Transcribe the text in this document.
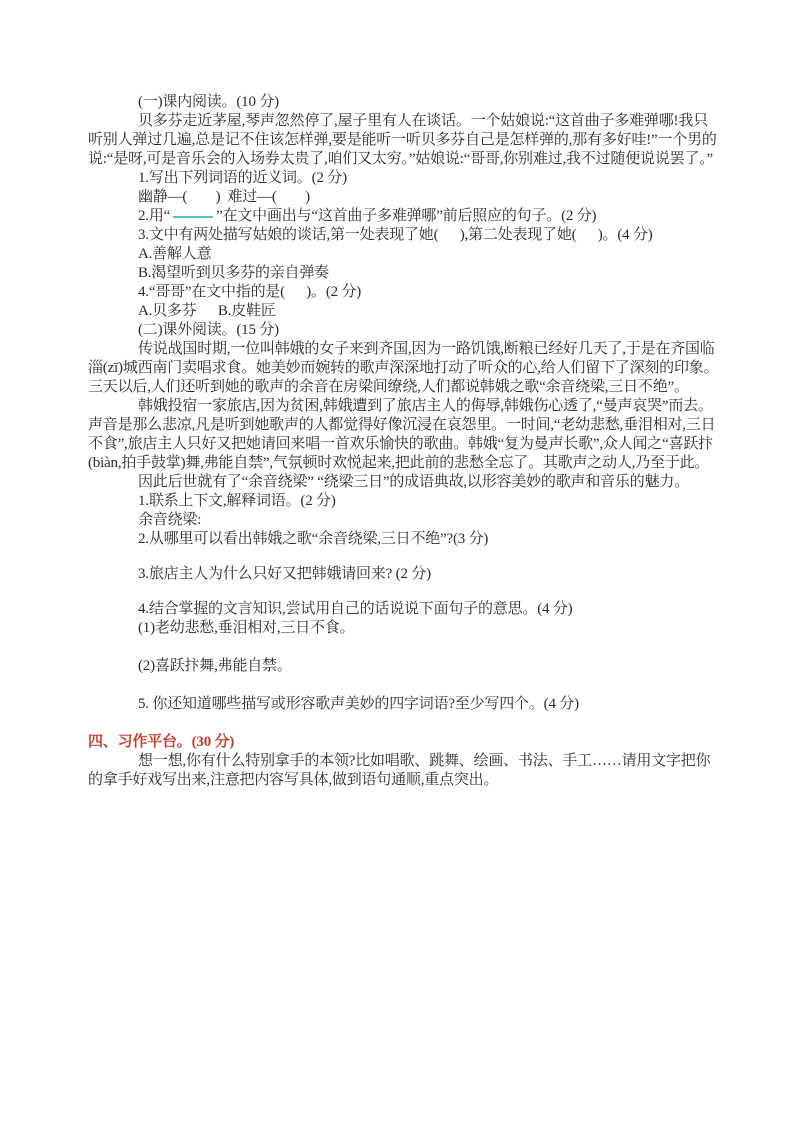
(一)课内阅读。(10 分)
贝多芬走近茅屋,琴声忽然停了,屋子里有人在谈话。一个姑娘说:“这首曲子多难弹哪!我只听别人弹过几遍,总是记不住该怎样弹,要是能听一听贝多芬自己是怎样弹的,那有多好哇!”一个男的说:“是呀,可是音乐会的入场券太贵了,咱们又太穷。”姑娘说:“哥哥,你别难过,我不过随便说说罢了。”
1.写出下列词语的近义词。(2 分)
幽静—(        )  难过—(        )
2.用“	”在文中画出与“这首曲子多难弹哪”前后照应的句子。(2 分)
3.文中有两处描写姑娘的谈话,第一处表现了她(      ),第二处表现了她(      )。(4 分)
A.善解人意
B.渴望听到贝多芬的亲自弹奏
4.“哥哥”在文中指的是(      )。(2 分)
A.贝多芬      B.皮鞋匠
(二)课外阅读。(15 分)
传说战国时期,一位叫韩娥的女子来到齐国,因为一路饥饿,断粮已经好几天了,于是在齐国临淄(zī)城西南门卖唱求食。她美妙而婉转的歌声深深地打动了听众的心,给人们留下了深刻的印象。三天以后,人们还听到她的歌声的余音在房梁间缭绕,人们都说韩娥之歌“余音绕梁,三日不绝”。
韩娥投宿一家旅店,因为贫困,韩娥遭到了旅店主人的侮辱,韩娥伤心透了,“曼声哀哭”而去。声音是那么悲凉,凡是听到她歌声的人都觉得好像沉浸在哀怨里。一时间,“老幼悲愁,垂泪相对,三日不食”,旅店主人只好又把她请回来唱一首欢乐愉快的歌曲。韩娥“复为曼声长歌”,众人闻之“喜跃抃(biàn,拍手鼓掌)舞,弗能自禁”,气氛顿时欢悦起来,把此前的悲愁全忘了。其歌声之动人,乃至于此。
因此后世就有了“余音绕梁” “绕梁三日”的成语典故,以形容美妙的歌声和音乐的魅力。
1.联系上下文,解释词语。(2 分)
余音绕梁:
2.从哪里可以看出韩娥之歌“余音绕梁,三日不绝”?(3 分)
3.旅店主人为什么只好又把韩娥请回来? (2 分)
4.结合掌握的文言知识,尝试用自己的话说说下面句子的意思。(4 分)
(1)老幼悲愁,垂泪相对,三日不食。
(2)喜跃抃舞,弗能自禁。
5. 你还知道哪些描写或形容歌声美妙的四字词语?至少写四个。(4 分)
四、习作平台。(30 分)
想一想,你有什么特别拿手的本领?比如唱歌、跳舞、绘画、书法、手工……请用文字把你的拿手好戏写出来,注意把内容写具体,做到语句通顺,重点突出。
